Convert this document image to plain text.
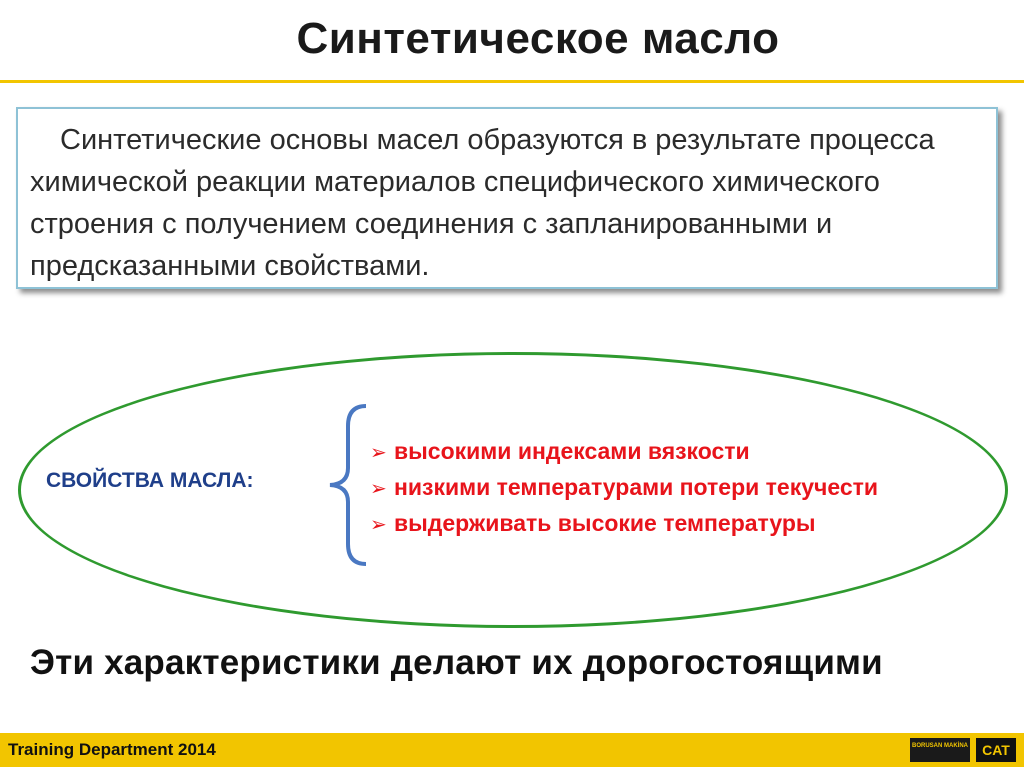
Синтетическое масло

Синтетические основы масел образуются в результате процесса химической реакции материалов специфического химического строения с получением соединения с запланированными и предсказанными свойствами.

СВОЙСТВА МАСЛА:
➢ высокими индексами вязкости
➢ низкими температурами потери текучести
➢ выдерживать высокие температуры
Эти характеристики делают их дорогостоящими
Training Department 2014	BORUSAN MAKİNA	CAT
